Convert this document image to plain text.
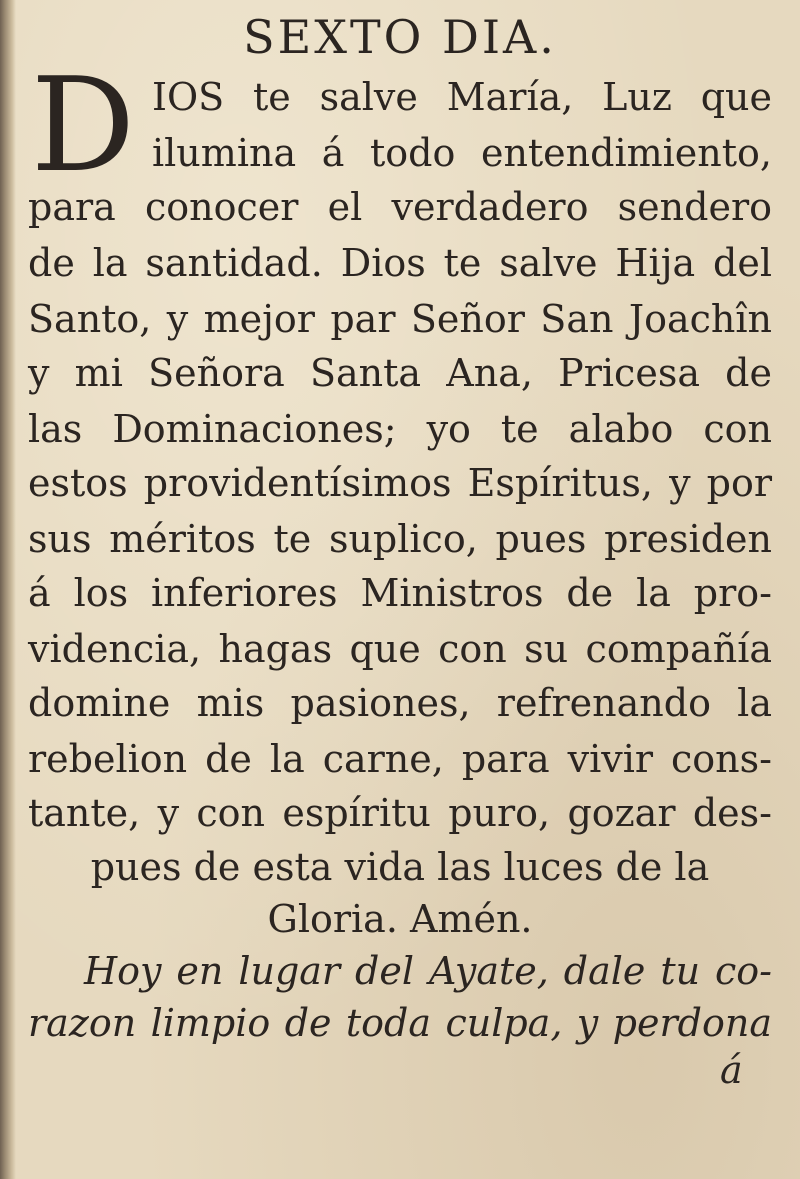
SEXTO DIA.
D IOS te salve María, Luz que
ilumina á todo entendimiento,
para conocer el verdadero sendero
de la santidad. Dios te salve Hija del
Santo, y mejor par Señor San Joachîn
y mi Señora Santa Ana, Pricesa de
las Dominaciones; yo te alabo con
estos providentísimos Espíritus, y por
sus méritos te suplico, pues presiden
á los inferiores Ministros de la pro-
videncia, hagas que con su compañía
domine mis pasiones, refrenando la
rebelion de la carne, para vivir cons-
tante, y con espíritu puro, gozar des-
pues de esta vida las luces de la
Gloria. Amén.
Hoy en lugar del Ayate, dale tu co-
razon limpio de toda culpa, y perdona
á
